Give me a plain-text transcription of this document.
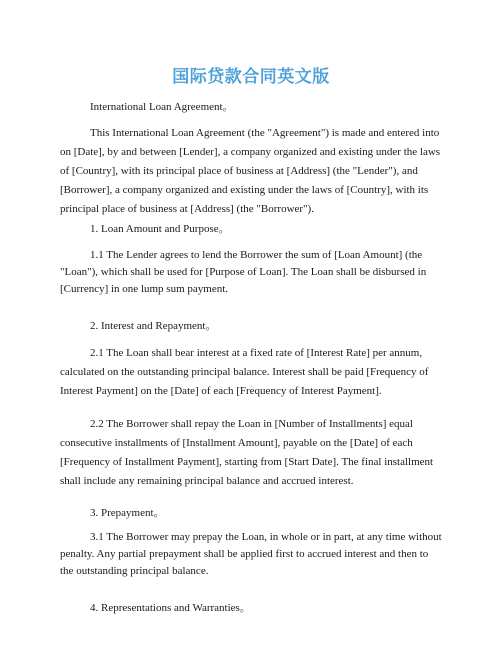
国际贷款合同英文版

International Loan Agreement。

This International Loan Agreement (the "Agreement") is made and entered into on [Date], by and between [Lender], a company organized and existing under the laws of [Country], with its principal place of business at [Address] (the "Lender"), and [Borrower], a company organized and existing under the laws of [Country], with its principal place of business at [Address] (the "Borrower").

1. Loan Amount and Purpose。

1.1 The Lender agrees to lend the Borrower the sum of [Loan Amount] (the "Loan"), which shall be used for [Purpose of Loan]. The Loan shall be disbursed in [Currency] in one lump sum payment.

2. Interest and Repayment。

2.1 The Loan shall bear interest at a fixed rate of [Interest Rate] per annum, calculated on the outstanding principal balance. Interest shall be paid [Frequency of Interest Payment] on the [Date] of each [Frequency of Interest Payment].

2.2 The Borrower shall repay the Loan in [Number of Installments] equal consecutive installments of [Installment Amount], payable on the [Date] of each [Frequency of Installment Payment], starting from [Start Date]. The final installment shall include any remaining principal balance and accrued interest.

3. Prepayment。

3.1 The Borrower may prepay the Loan, in whole or in part, at any time without penalty. Any partial prepayment shall be applied first to accrued interest and then to the outstanding principal balance.

4. Representations and Warranties。
